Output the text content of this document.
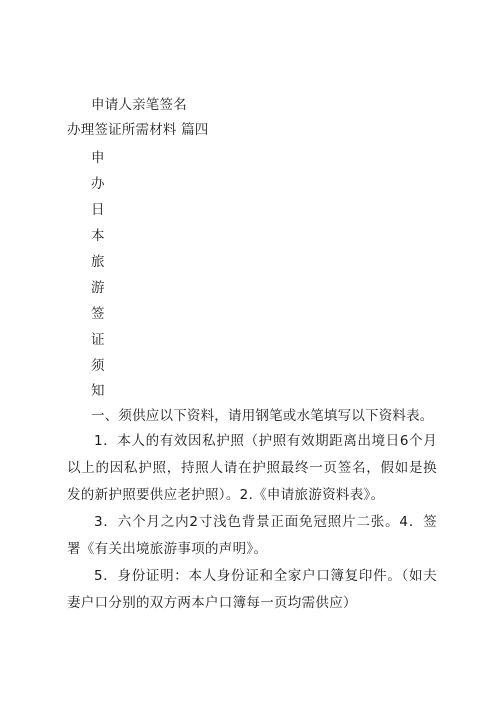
申请人亲笔签名
办理签证所需材料 篇四
申
办
日
本
旅
游
签
证
须
知
一、须供应以下资料，请用钢笔或水笔填写以下资料表。
1．本人的有效因私护照（护照有效期距离出境日6个月以上的因私护照，持照人请在护照最终一页签名，假如是换发的新护照要供应老护照）。2.《申请旅游资料表》。
3．六个月之内2寸浅色背景正面免冠照片二张。4．签署《有关出境旅游事项的声明》。
5．身份证明：本人身份证和全家户口簿复印件。（如夫妻户口分别的双方两本户口簿每一页均需供应）
